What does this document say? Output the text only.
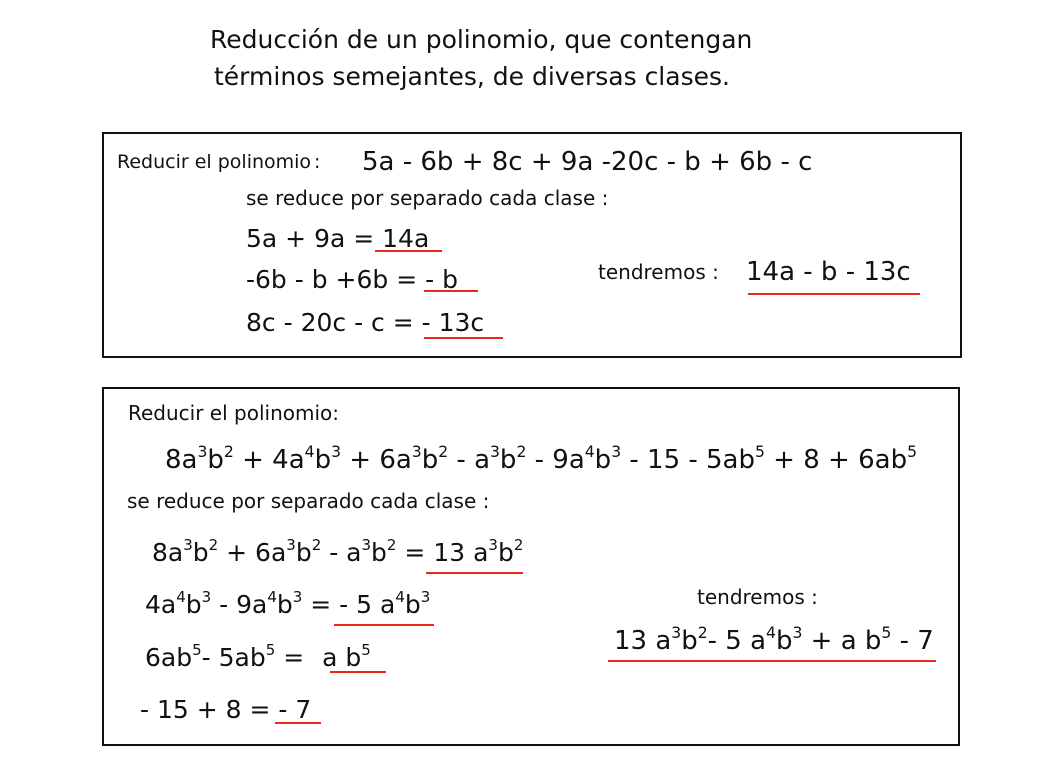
Reducción de un polinomio, que contengan
términos semejantes, de diversas clases.
Reducir el polinomio : 5a - 6b + 8c + 9a -20c - b + 6b - c
se reduce por separado cada clase :
5a + 9a = 14a
-6b - b +6b = - b
8c - 20c - c = - 13c
tendremos : 14a - b - 13c
Reducir el polinomio:
$8a^3b^2 + 4a^4b^3 + 6a^3b^2 - a^3b^2 - 9a^4b^3 - 15 - 5ab^5 + 8 + 6ab^5$
se reduce por separado cada clase :
$8a^3b^2 + 6a^3b^2 - a^3b^2 = 13$ $a^3b^2$
$4a^4b^3 - 9a^4b^3$ = - 5 $a^4b^3$
$6ab^5-$ $5ab^5 = a$ $b^5$
- 15 + 8 = - 7
tendremos :
13 $a^3b^2-$ 5 $a^4b^3 + a$ $b^5 - 7$
